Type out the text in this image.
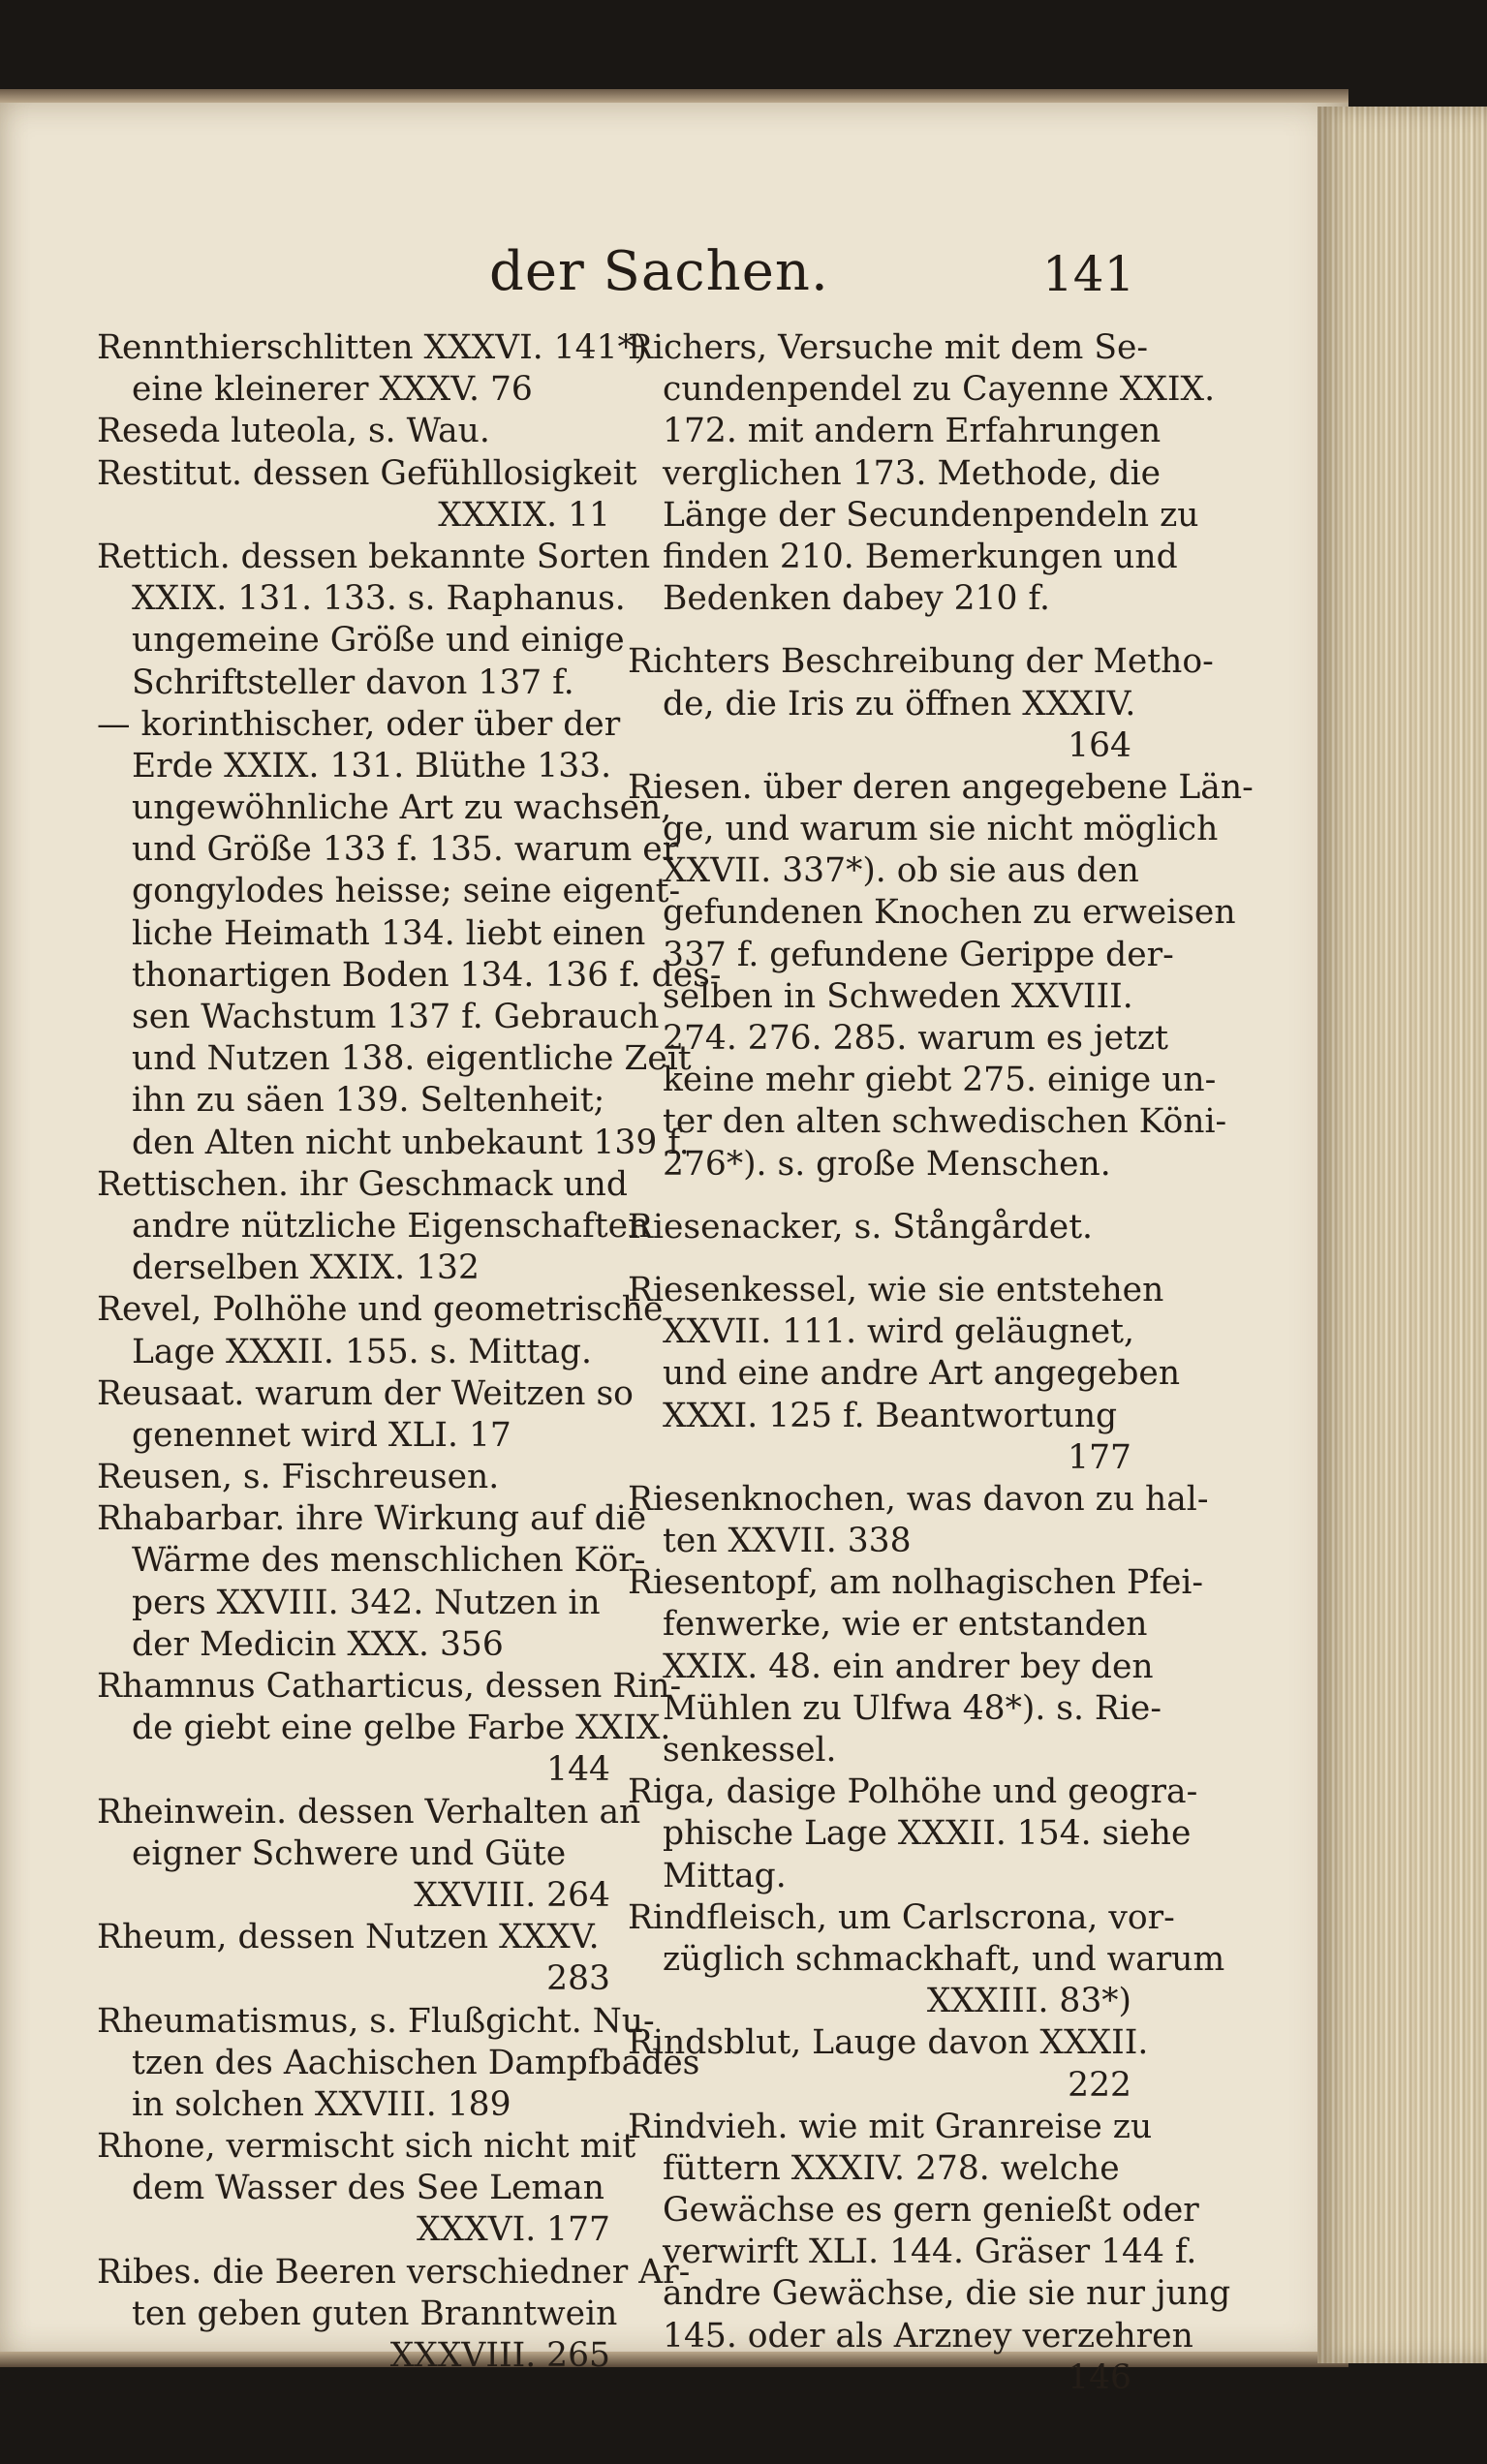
der Sachen.	141
Rennthierschlitten XXXVI. 141*)
eine kleinerer XXXV. 76
Reseda luteola, s. Wau.
Restitut. dessen Gefühllosigkeit
XXXIX. 11
Rettich. dessen bekannte Sorten
XXIX. 131. 133. s. Raphanus.
ungemeine Größe und einige
Schriftsteller davon 137 f.
— korinthischer, oder über der
Erde XXIX. 131. Blüthe 133.
ungewöhnliche Art zu wachsen,
und Größe 133 f. 135. warum er
gongylodes heisse; seine eigent-
liche Heimath 134. liebt einen
thonartigen Boden 134. 136 f. des-
sen Wachstum 137 f. Gebrauch
und Nutzen 138. eigentliche Zeit
ihn zu säen 139. Seltenheit;
den Alten nicht unbekaunt 139 f.
Rettischen. ihr Geschmack und
andre nützliche Eigenschaften
derselben XXIX. 132
Revel, Polhöhe und geometrische
Lage XXXII. 155. s. Mittag.
Reusaat. warum der Weitzen so
genennet wird XLI. 17
Reusen, s. Fischreusen.
Rhabarbar. ihre Wirkung auf die
Wärme des menschlichen Kör-
pers XXVIII. 342. Nutzen in
der Medicin XXX. 356
Rhamnus Catharticus, dessen Rin-
de giebt eine gelbe Farbe XXIX.
144
Rheinwein. dessen Verhalten an
eigner Schwere und Güte
XXVIII. 264
Rheum, dessen Nutzen XXXV.
283
Rheumatismus, s. Flußgicht. Nu-
tzen des Aachischen Dampfbades
in solchen XXVIII. 189
Rhone, vermischt sich nicht mit
dem Wasser des See Leman
XXXVI. 177
Ribes. die Beeren verschiedner Ar-
ten geben guten Branntwein
XXXVIII. 265
Richers, Versuche mit dem Se-
cundenpendel zu Cayenne XXIX.
172. mit andern Erfahrungen
verglichen 173. Methode, die
Länge der Secundenpendeln zu
finden 210. Bemerkungen und
Bedenken dabey 210 f.
Richters Beschreibung der Metho-
de, die Iris zu öffnen XXXIV.
164
Riesen. über deren angegebene Län-
ge, und warum sie nicht möglich
XXVII. 337*). ob sie aus den
gefundenen Knochen zu erweisen
337 f. gefundene Gerippe der-
selben in Schweden XXVIII.
274. 276. 285. warum es jetzt
keine mehr giebt 275. einige un-
ter den alten schwedischen Köni-
276*). s. große Menschen.
Riesenacker, s. Stångårdet.
Riesenkessel, wie sie entstehen
XXVII. 111. wird geläugnet,
und eine andre Art angegeben
XXXI. 125 f. Beantwortung
177
Riesenknochen, was davon zu hal-
ten XXVII. 338
Riesentopf, am nolhagischen Pfei-
fenwerke, wie er entstanden
XXIX. 48. ein andrer bey den
Mühlen zu Ulfwa 48*). s. Rie-
senkessel.
Riga, dasige Polhöhe und geogra-
phische Lage XXXII. 154. siehe
Mittag.
Rindfleisch, um Carlscrona, vor-
züglich schmackhaft, und warum
XXXIII. 83*)
Rindsblut, Lauge davon XXXII.
222
Rindvieh. wie mit Granreise zu
füttern XXXIV. 278. welche
Gewächse es gern genießt oder
verwirft XLI. 144. Gräser 144 f.
andre Gewächse, die sie nur jung
145. oder als Arzney verzehren
146
